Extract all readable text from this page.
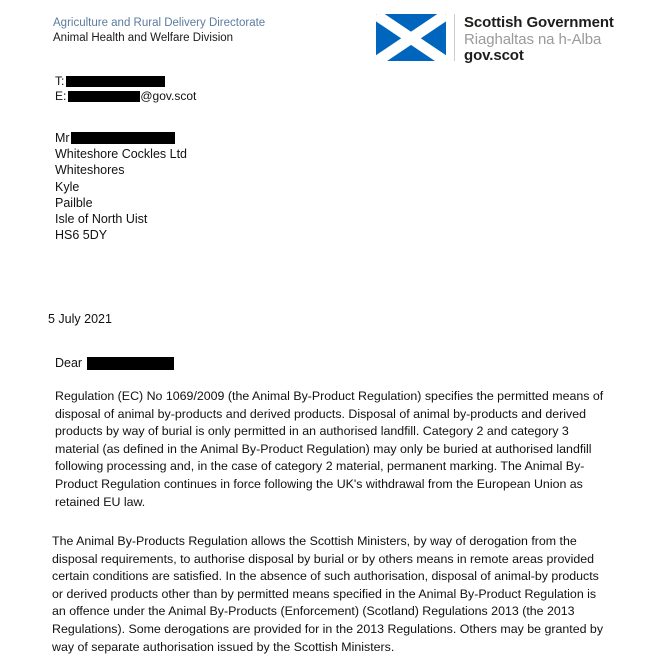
Agriculture and Rural Delivery Directorate
Animal Health and Welfare Division
Scottish Government
Riaghaltas na h-Alba
gov.scot
T:
E:	@gov.scot
Mr
Whiteshore Cockles Ltd
Whiteshores
Kyle
Pailble
Isle of North Uist
HS6 5DY
5 July 2021
Dear
Regulation (EC) No 1069/2009 (the Animal By-Product Regulation) specifies the permitted means of disposal of animal by-products and derived products. Disposal of animal by-products and derived products by way of burial is only permitted in an authorised landfill. Category 2 and category 3 material (as defined in the Animal By-Product Regulation) may only be buried at authorised landfill following processing and, in the case of category 2 material, permanent marking. The Animal By-Product Regulation continues in force following the UK's withdrawal from the European Union as retained EU law.
The Animal By-Products Regulation allows the Scottish Ministers, by way of derogation from the disposal requirements, to authorise disposal by burial or by others means in remote areas provided certain conditions are satisfied. In the absence of such authorisation, disposal of animal-by products or derived products other than by permitted means specified in the Animal By-Product Regulation is an offence under the Animal By-Products (Enforcement) (Scotland) Regulations 2013 (the 2013 Regulations). Some derogations are provided for in the 2013 Regulations. Others may be granted by way of separate authorisation issued by the Scottish Ministers.
